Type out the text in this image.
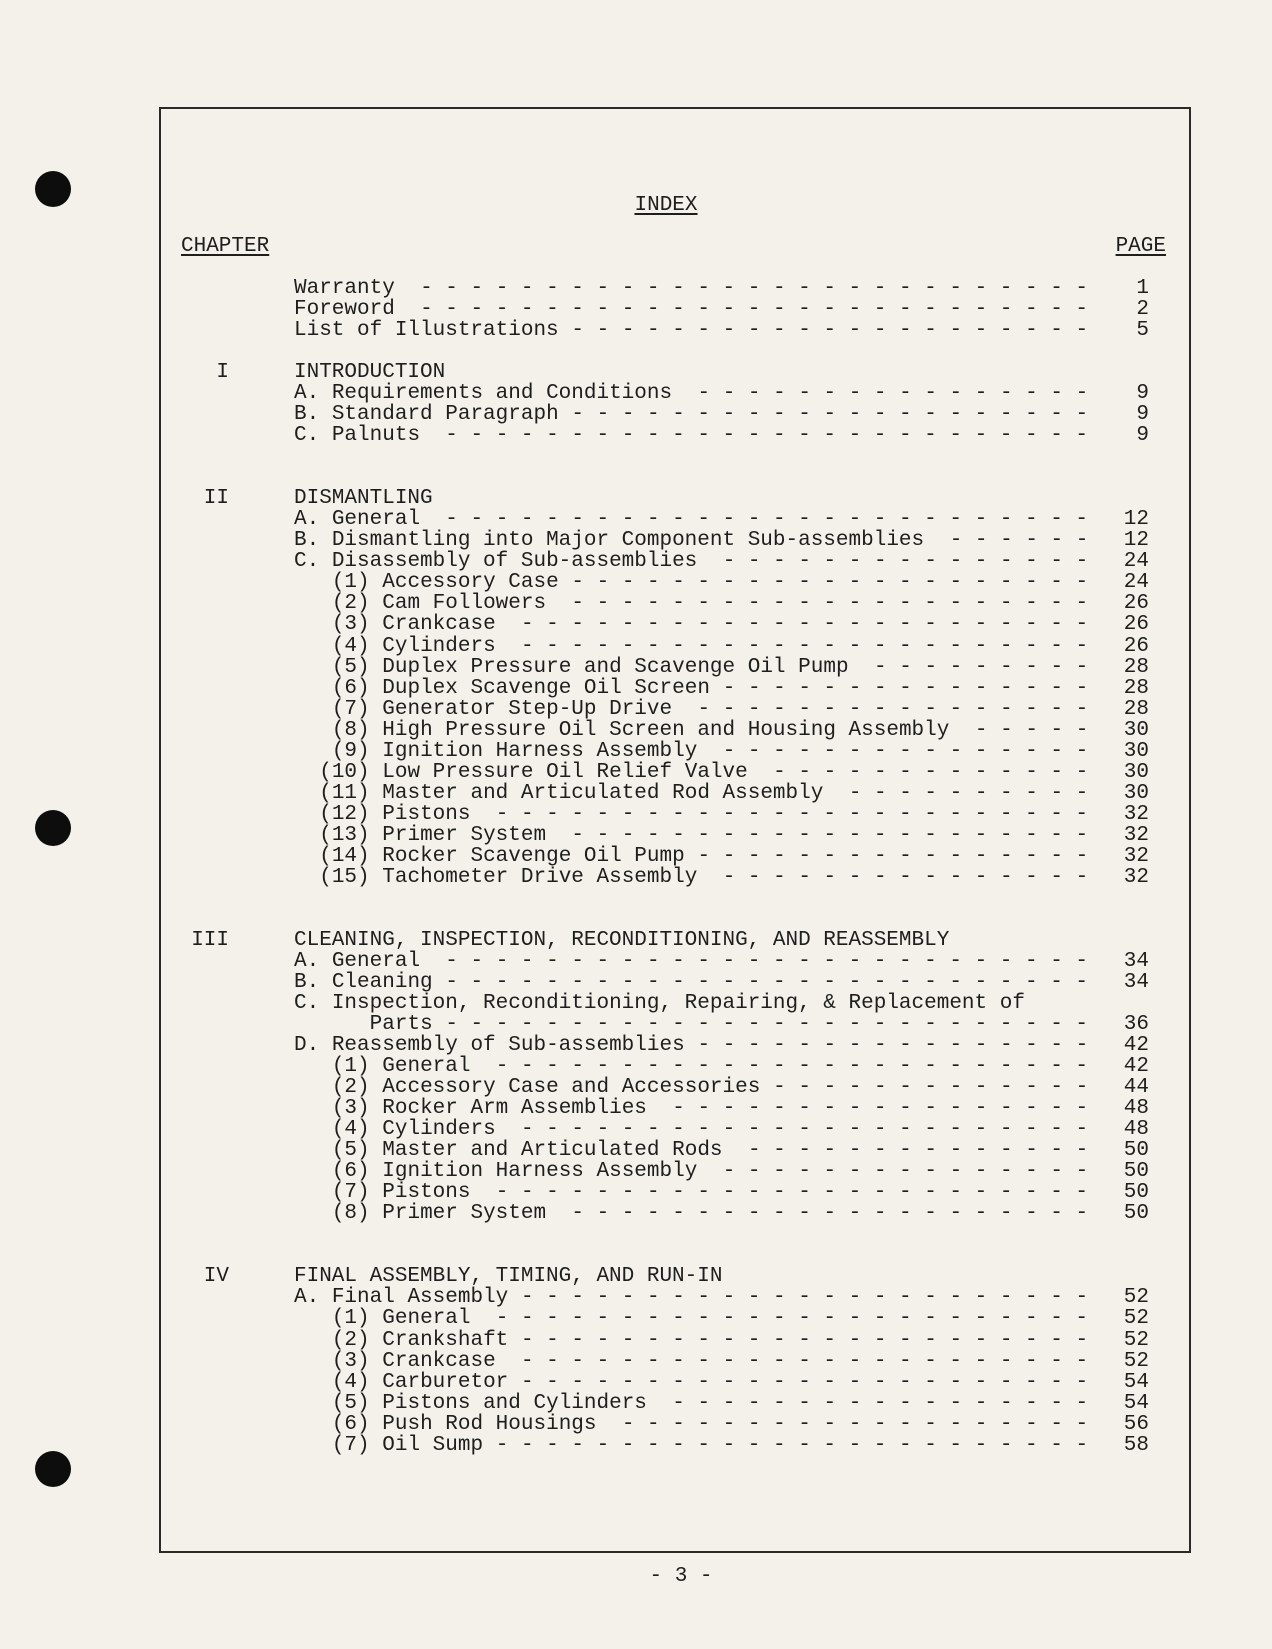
INDEX
CHAPTER	PAGE
Warranty - - - - - - - - - - - - - - - - - - - - - - - - - - - 1
Foreword - - - - - - - - - - - - - - - - - - - - - - - - - - - 2
List of Illustrations - - - - - - - - - - - - - - - - - - - - - 5
I	INTRODUCTION
A. Requirements and Conditions - - - - - - - - - - - - - - - - 9
B. Standard Paragraph - - - - - - - - - - - - - - - - - - - - - 9
C. Palnuts - - - - - - - - - - - - - - - - - - - - - - - - - - 9
II	DISMANTLING
A. General - - - - - - - - - - - - - - - - - - - - - - - - - - 12
B. Dismantling into Major Component Sub-assemblies - - - - - - 12
C. Disassembly of Sub-assemblies - - - - - - - - - - - - - - - 24
(1) Accessory Case - - - - - - - - - - - - - - - - - - - - - 24
(2) Cam Followers - - - - - - - - - - - - - - - - - - - - - 26
(3) Crankcase - - - - - - - - - - - - - - - - - - - - - - - 26
(4) Cylinders - - - - - - - - - - - - - - - - - - - - - - - 26
(5) Duplex Pressure and Scavenge Oil Pump - - - - - - - - - 28
(6) Duplex Scavenge Oil Screen - - - - - - - - - - - - - - - 28
(7) Generator Step-Up Drive - - - - - - - - - - - - - - - - 28
(8) High Pressure Oil Screen and Housing Assembly - - - - - 30
(9) Ignition Harness Assembly - - - - - - - - - - - - - - - 30
(10) Low Pressure Oil Relief Valve - - - - - - - - - - - - - 30
(11) Master and Articulated Rod Assembly - - - - - - - - - - 30
(12) Pistons - - - - - - - - - - - - - - - - - - - - - - - - 32
(13) Primer System - - - - - - - - - - - - - - - - - - - - - 32
(14) Rocker Scavenge Oil Pump - - - - - - - - - - - - - - - - 32
(15) Tachometer Drive Assembly - - - - - - - - - - - - - - - 32
III	CLEANING, INSPECTION, RECONDITIONING, AND REASSEMBLY
A. General - - - - - - - - - - - - - - - - - - - - - - - - - - 34
B. Cleaning - - - - - - - - - - - - - - - - - - - - - - - - - - 34
C. Inspection, Reconditioning, Repairing, & Replacement of
Parts - - - - - - - - - - - - - - - - - - - - - - - - - - 36
D. Reassembly of Sub-assemblies - - - - - - - - - - - - - - - - 42
(1) General - - - - - - - - - - - - - - - - - - - - - - - - 42
(2) Accessory Case and Accessories - - - - - - - - - - - - - 44
(3) Rocker Arm Assemblies - - - - - - - - - - - - - - - - - 48
(4) Cylinders - - - - - - - - - - - - - - - - - - - - - - - 48
(5) Master and Articulated Rods - - - - - - - - - - - - - - 50
(6) Ignition Harness Assembly - - - - - - - - - - - - - - - 50
(7) Pistons - - - - - - - - - - - - - - - - - - - - - - - - 50
(8) Primer System - - - - - - - - - - - - - - - - - - - - - 50
IV	FINAL ASSEMBLY, TIMING, AND RUN-IN
A. Final Assembly - - - - - - - - - - - - - - - - - - - - - - - 52
(1) General - - - - - - - - - - - - - - - - - - - - - - - - 52
(2) Crankshaft - - - - - - - - - - - - - - - - - - - - - - - 52
(3) Crankcase - - - - - - - - - - - - - - - - - - - - - - - 52
(4) Carburetor - - - - - - - - - - - - - - - - - - - - - - - 54
(5) Pistons and Cylinders - - - - - - - - - - - - - - - - - 54
(6) Push Rod Housings - - - - - - - - - - - - - - - - - - - 56
(7) Oil Sump - - - - - - - - - - - - - - - - - - - - - - - - 58
- 3 -
